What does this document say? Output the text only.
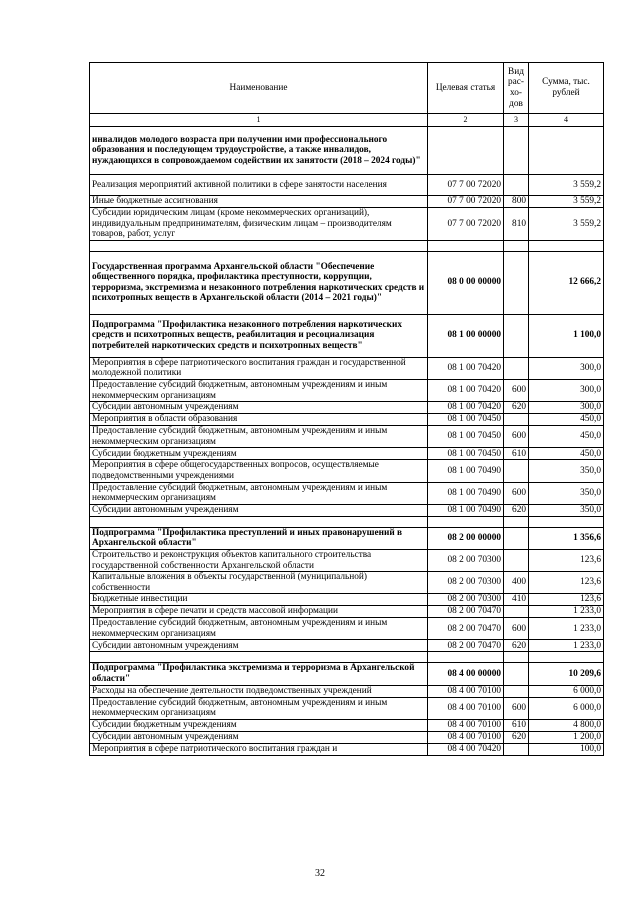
Наименование	Целевая статья	Вид рас-хо-дов	Сумма, тыс. рублей
1	2	3	4
инвалидов молодого возраста при получении ими профессионального образования и последующем трудоустройстве, а также инвалидов, нуждающихся в сопровождаемом содействии их занятости (2018 – 2024 годы)"			
Реализация мероприятий активной политики в сфере занятости населения	07 7 00 72020		3 559,2
Иные бюджетные ассигнования	07 7 00 72020	800	3 559,2
Субсидии юридическим лицам (кроме некоммерческих организаций), индивидуальным предпринимателям, физическим лицам – производителям товаров, работ, услуг	07 7 00 72020	810	3 559,2

Государственная программа Архангельской области "Обеспечение общественного порядка, профилактика преступности, коррупции, терроризма, экстремизма и незаконного потребления наркотических средств и психотропных веществ в Архангельской области (2014 – 2021 годы)"	08 0 00 00000		12 666,2
Подпрограмма "Профилактика незаконного потребления наркотических средств и психотропных веществ, реабилитация и ресоциализация потребителей наркотических средств и психотропных веществ"	08 1 00 00000		1 100,0
Мероприятия в сфере патриотического воспитания граждан и государственной молодежной политики	08 1 00 70420		300,0
Предоставление субсидий бюджетным, автономным учреждениям и иным некоммерческим организациям	08 1 00 70420	600	300,0
Субсидии автономным учреждениям	08 1 00 70420	620	300,0
Мероприятия в области образования	08 1 00 70450		450,0
Предоставление субсидий бюджетным, автономным учреждениям и иным некоммерческим организациям	08 1 00 70450	600	450,0
Субсидии бюджетным учреждениям	08 1 00 70450	610	450,0
Мероприятия в сфере общегосударственных вопросов, осуществляемые подведомственными учреждениями	08 1 00 70490		350,0
Предоставление субсидий бюджетным, автономным учреждениям и иным некоммерческим организациям	08 1 00 70490	600	350,0
Субсидии автономным учреждениям	08 1 00 70490	620	350,0

Подпрограмма "Профилактика преступлений и иных правонарушений в Архангельской области"	08 2 00 00000		1 356,6
Строительство и реконструкция объектов капитального строительства государственной собственности Архангельской области	08 2 00 70300		123,6
Капитальные вложения в объекты государственной (муниципальной) собственности	08 2 00 70300	400	123,6
Бюджетные инвестиции	08 2 00 70300	410	123,6
Мероприятия в сфере печати и средств массовой информации	08 2 00 70470		1 233,0
Предоставление субсидий бюджетным, автономным учреждениям и иным некоммерческим организациям	08 2 00 70470	600	1 233,0
Субсидии автономным учреждениям	08 2 00 70470	620	1 233,0

Подпрограмма "Профилактика экстремизма и терроризма в Архангельской области"	08 4 00 00000		10 209,6
Расходы на обеспечение деятельности подведомственных учреждений	08 4 00 70100		6 000,0
Предоставление субсидий бюджетным, автономным учреждениям и иным некоммерческим организациям	08 4 00 70100	600	6 000,0
Субсидии бюджетным учреждениям	08 4 00 70100	610	4 800,0
Субсидии автономным учреждениям	08 4 00 70100	620	1 200,0
Мероприятия в сфере патриотического воспитания граждан и	08 4 00 70420		100,0
32
